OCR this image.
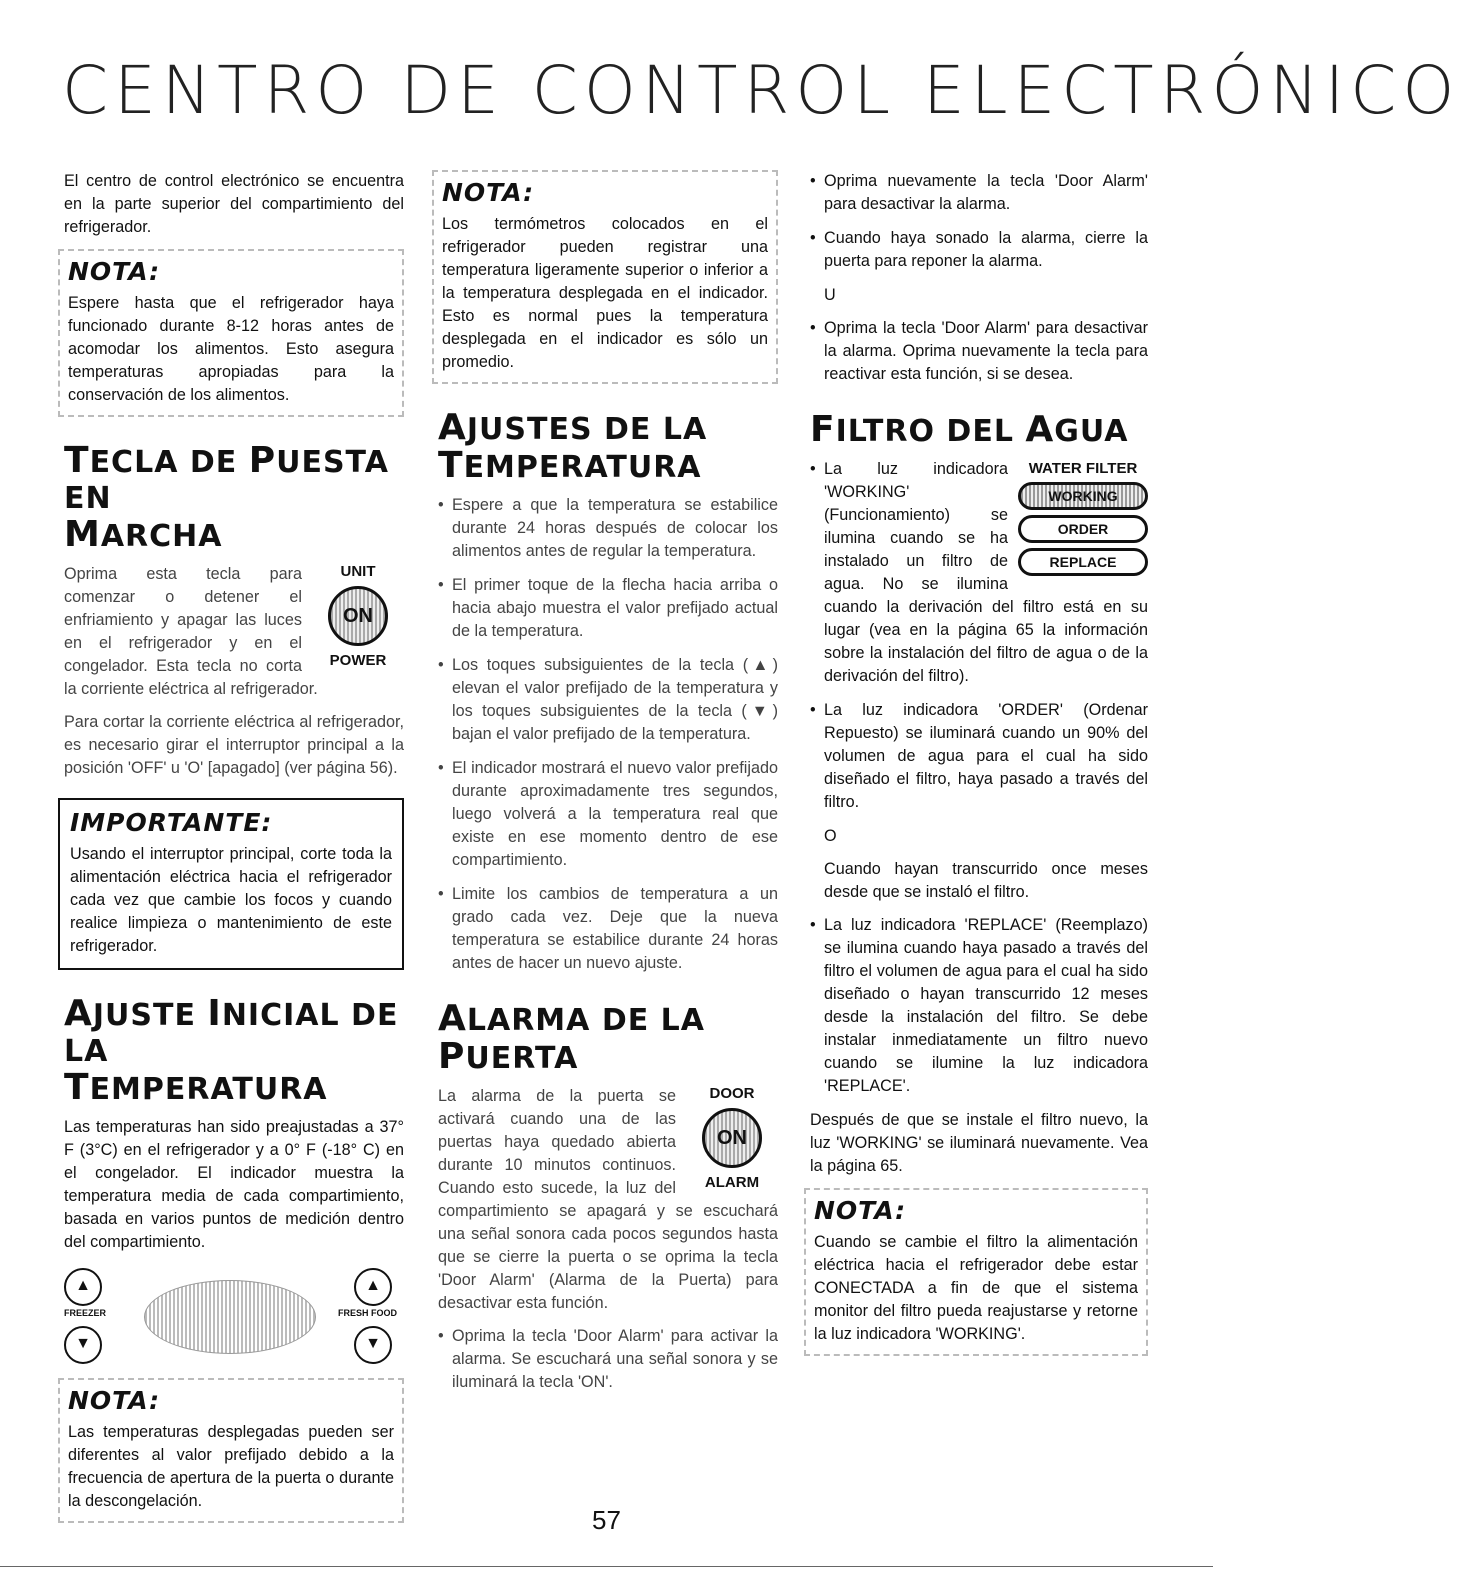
CENTRO DE CONTROL ELECTRÓNICO

El centro de control electrónico se encuentra en la parte superior del compartimiento del refrigerador.

NOTA:

Espere hasta que el refrigerador haya funcionado durante 8-12 horas antes de acomodar los alimentos. Esto asegura temperaturas apropiadas para la conservación de los alimentos.

TECLA DE PUESTA EN
MARCHA
UNIT
ON
POWER

Oprima esta tecla para comenzar o detener el enfriamiento y apagar las luces en el refrigerador y en el congelador. Esta tecla no corta la corriente eléctrica al refrigerador.

Para cortar la corriente eléctrica al refrigerador, es necesario girar el interruptor principal a la posición 'OFF' u 'O' [apagado] (ver página 56).

IMPORTANTE:

Usando el interruptor principal, corte toda la alimentación eléctrica hacia el refrigerador cada vez que cambie los focos y cuando realice limpieza o mantenimiento de este refrigerador.

AJUSTE INICIAL DE LA
TEMPERATURA

Las temperaturas han sido preajustadas a 37° F (3°C) en el refrigerador y a 0° F (-18° C) en el congelador. El indicador muestra la temperatura media de cada compartimiento, basada en varios puntos de medición dentro del compartimiento.

▲
FREEZER
▼
▲
FRESH FOOD
▼
NOTA:

Las temperaturas desplegadas pueden ser diferentes al valor prefijado debido a la frecuencia de apertura de la puerta o durante la descongelación.

NOTA:

Los termómetros colocados en el refrigerador pueden registrar una temperatura ligeramente superior o inferior a la temperatura desplegada en el indicador. Esto es normal pues la temperatura desplegada en el indicador es sólo un promedio.

AJUSTES DE LA
TEMPERATURA
• Espere a que la temperatura se estabilice durante 24 horas después de colocar los alimentos antes de regular la temperatura.
• El primer toque de la flecha hacia arriba o hacia abajo muestra el valor prefijado actual de la temperatura.
• Los toques subsiguientes de la tecla (▲) elevan el valor prefijado de la temperatura y los toques subsiguientes de la tecla (▼) bajan el valor prefijado de la temperatura.
• El indicador mostrará el nuevo valor prefijado durante aproximadamente tres segundos, luego volverá a la temperatura real que existe en ese momento dentro de ese compartimiento.
• Limite los cambios de temperatura a un grado cada vez. Deje que la nueva temperatura se estabilice durante 24 horas antes de hacer un nuevo ajuste.
ALARMA DE LA PUERTA
DOOR
ON
ALARM

La alarma de la puerta se activará cuando una de las puertas haya quedado abierta durante 10 minutos continuos. Cuando esto sucede, la luz del compartimiento se apagará y se escuchará una señal sonora cada pocos segundos hasta que se cierre la puerta o se oprima la tecla 'Door Alarm' (Alarma de la Puerta) para desactivar esta función.

• Oprima la tecla 'Door Alarm' para activar la alarma. Se escuchará una señal sonora y se iluminará la tecla 'ON'.
• Oprima nuevamente la tecla 'Door Alarm' para desactivar la alarma.
• Cuando haya sonado la alarma, cierre la puerta para reponer la alarma.

U

• Oprima la tecla 'Door Alarm' para desactivar la alarma. Oprima nuevamente la tecla para reactivar esta función, si se desea.
FILTRO DEL AGUA
WATER FILTER
WORKING
ORDER
REPLACE
• La luz indicadora 'WORKING' (Funcionamiento) se ilumina cuando se ha instalado un filtro de agua. No se ilumina cuando la derivación del filtro está en su lugar (vea en la página 65 la información sobre la instalación del filtro de agua o de la derivación del filtro).
• La luz indicadora 'ORDER' (Ordenar Repuesto) se iluminará cuando un 90% del volumen de agua para el cual ha sido diseñado el filtro, haya pasado a través del filtro.

O

Cuando hayan transcurrido once meses desde que se instaló el filtro.

• La luz indicadora 'REPLACE' (Reemplazo) se ilumina cuando haya pasado a través del filtro el volumen de agua para el cual ha sido diseñado o hayan transcurrido 12 meses desde la instalación del filtro. Se debe instalar inmediatamente un filtro nuevo cuando se ilumine la luz indicadora 'REPLACE'.

Después de que se instale el filtro nuevo, la luz 'WORKING' se iluminará nuevamente. Vea la página 65.

NOTA:

Cuando se cambie el filtro la alimentación eléctrica hacia el refrigerador debe estar CONECTADA a fin de que el sistema monitor del filtro pueda reajustarse y retorne la luz indicadora 'WORKING'.

57
